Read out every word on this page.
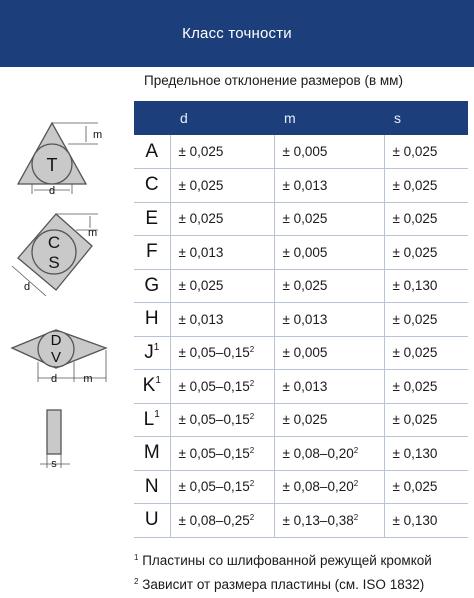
Класс точности
Предельное отклонение размеров (в мм)
T
m
d
C
S
m
d
D
V
d m
s
	d	m	s
A	± 0,025	± 0,005	± 0,025
C	± 0,025	± 0,013	± 0,025
E	± 0,025	± 0,025	± 0,025
F	± 0,013	± 0,005	± 0,025
G	± 0,025	± 0,025	± 0,130
H	± 0,013	± 0,013	± 0,025
$J^1$	± $0,05-0,15^2$	± 0,005	± 0,025
$K^1$	± $0,05-0,15^2$	± 0,013	± 0,025
$L^1$	± $0,05-0,15^2$	± 0,025	± 0,025
M	± $0,05-0,15^2$	± $0,08-0,20^2$	± 0,130
N	± $0,05-0,15^2$	± $0,08-0,20^2$	± 0,025
U	± $0,08-0,25^2$	± $0,13-0,38^2$	± 0,130
$^1$ Пластины со шлифованной режущей кромкой
$^2$ Зависит от размера пластины (см. ISO 1832)
